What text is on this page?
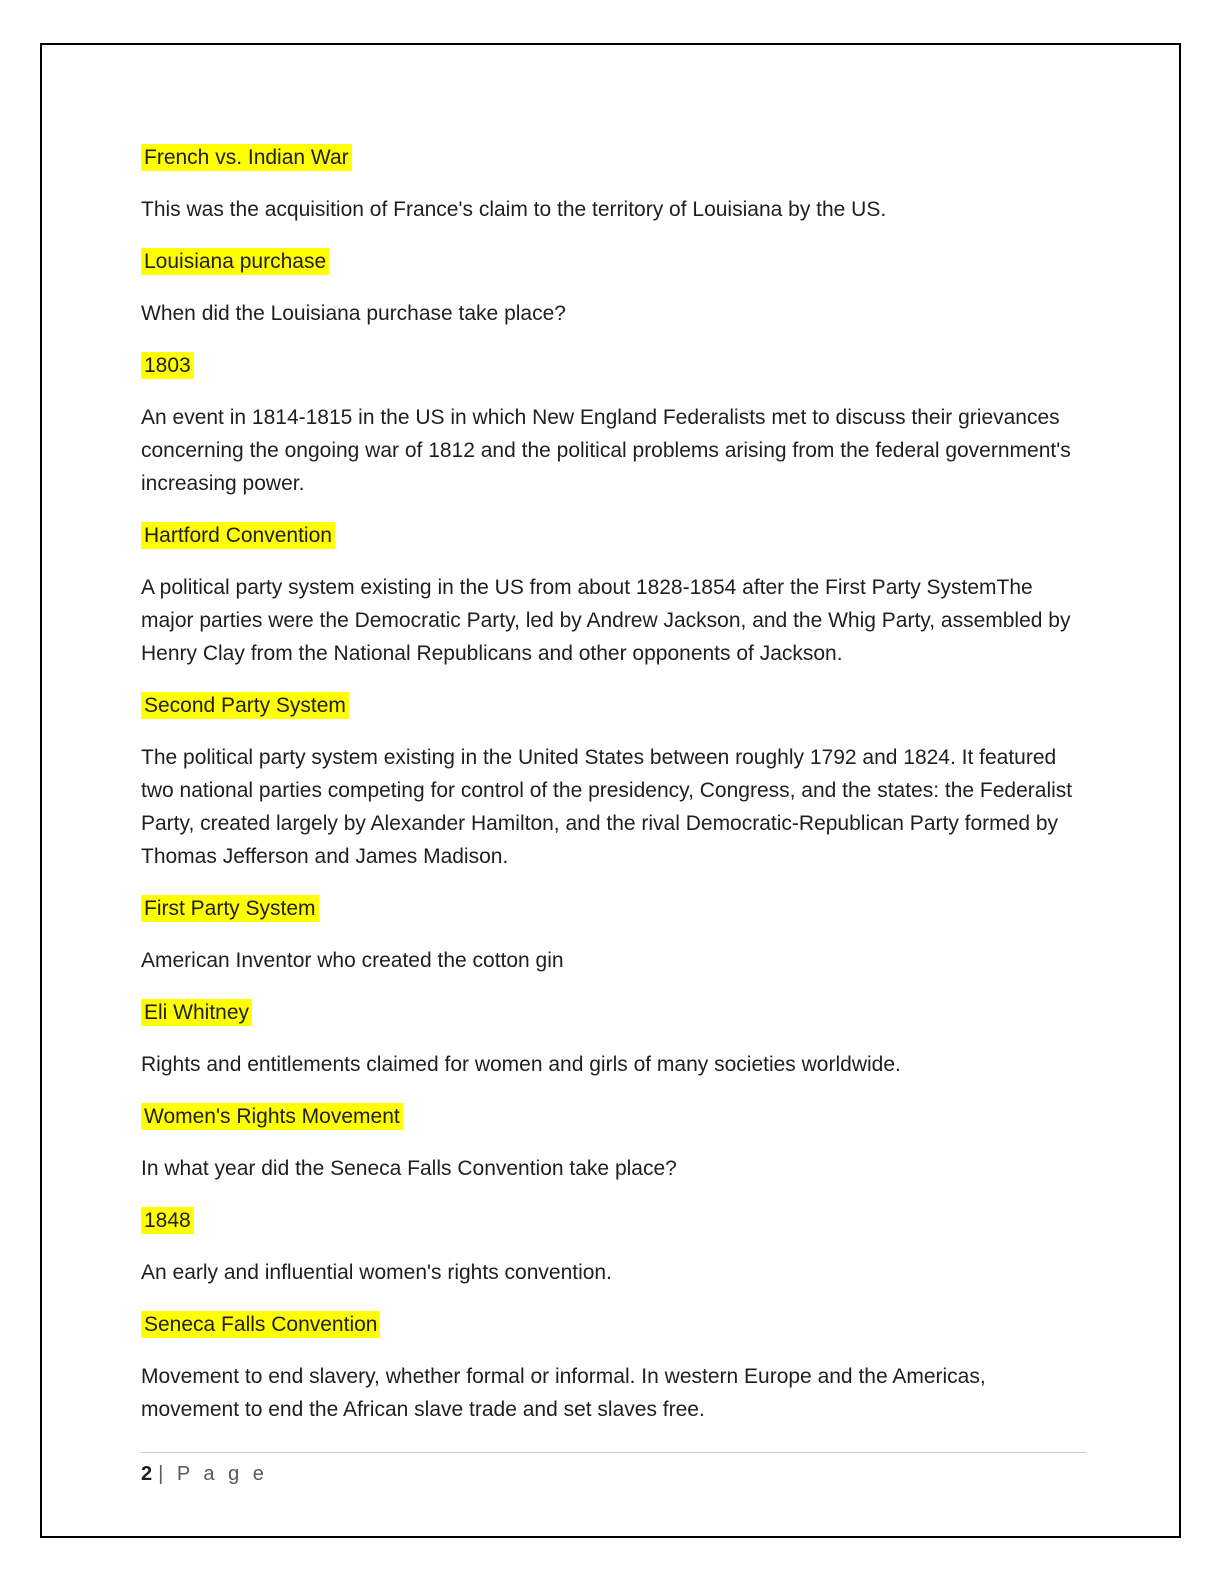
French vs. Indian War

This was the acquisition of France's claim to the territory of Louisiana by the US.

Louisiana purchase

When did the Louisiana purchase take place?

1803

An event in 1814-1815 in the US in which New England Federalists met to discuss their grievances concerning the ongoing war of 1812 and the political problems arising from the federal government's increasing power.

Hartford Convention

A political party system existing in the US from about 1828-1854 after the First Party SystemThe major parties were the Democratic Party, led by Andrew Jackson, and the Whig Party, assembled by Henry Clay from the National Republicans and other opponents of Jackson.

Second Party System

The political party system existing in the United States between roughly 1792 and 1824. It featured two national parties competing for control of the presidency, Congress, and the states: the Federalist Party, created largely by Alexander Hamilton, and the rival Democratic-Republican Party formed by Thomas Jefferson and James Madison.

First Party System

American Inventor who created the cotton gin

Eli Whitney

Rights and entitlements claimed for women and girls of many societies worldwide.

Women's Rights Movement

In what year did the Seneca Falls Convention take place?

1848

An early and influential women's rights convention.

Seneca Falls Convention

Movement to end slavery, whether formal or informal. In western Europe and the Americas, movement to end the African slave trade and set slaves free.

2 | P a g e
